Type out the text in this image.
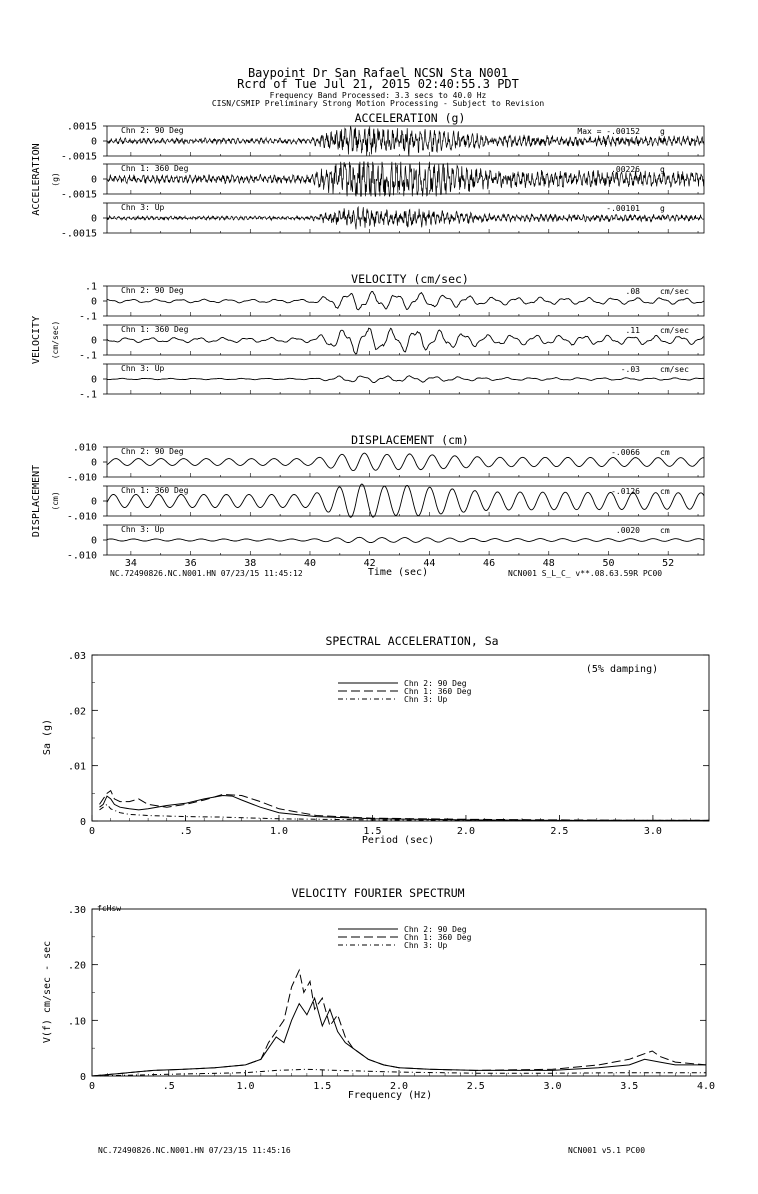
Baypoint Dr San Rafael NCSN Sta N001
Rcrd of Tue Jul 21, 2015 02:40:55.3 PDT
Frequency Band Processed: 3.3 secs to 40.0 Hz
CISN/CSMIP Preliminary Strong Motion Processing - Subject to Revision
ACCELERATION (g)
ACCELERATION (g)
.0015
0
-.0015
Chn 2: 90 Deg	Max = -.00152	g
0
-.0015
Chn 1: 360 Deg	.00226	g
0
-.0015
Chn 3: Up	-.00101	g
VELOCITY (cm/sec)
VELOCITY (cm/sec)
.1
0
-.1
Chn 2: 90 Deg	.08	cm/sec
0
-.1
Chn 1: 360 Deg	.11	cm/sec
0
-.1
Chn 3: Up	-.03	cm/sec
DISPLACEMENT (cm)
Time (sec)
DISPLACEMENT (cm)
.010
0
-.010
Chn 2: 90 Deg	-.0066	cm
0
-.010
Chn 1: 360 Deg	-.0126	cm
0
-.010
Chn 3: Up	.0020	cm
34	36	38	40	42	44	46	48	50	52
NC.72490826.NC.N001.HN 07/23/15 11:45:12	NCN001 S_L_C_ v**.08.63.59R PC00
SPECTRAL ACCELERATION, Sa
(5% damping)
Period (sec)
Sa (g)
0	.5	1.0	1.5	2.0	2.5	3.0
0
.01
.02
.03
Chn 2: 90 Deg
Chn 1: 360 Deg
Chn 3: Up
VELOCITY FOURIER SPECTRUM
fcHsw
Frequency (Hz)
V(f) cm/sec - sec
0	.5	1.0	1.5	2.0	2.5	3.0	3.5	4.0
0
.10
.20
.30
Chn 2: 90 Deg
Chn 1: 360 Deg
Chn 3: Up
NC.72490826.NC.N001.HN 07/23/15 11:45:16	NCN001 v5.1 PC00
